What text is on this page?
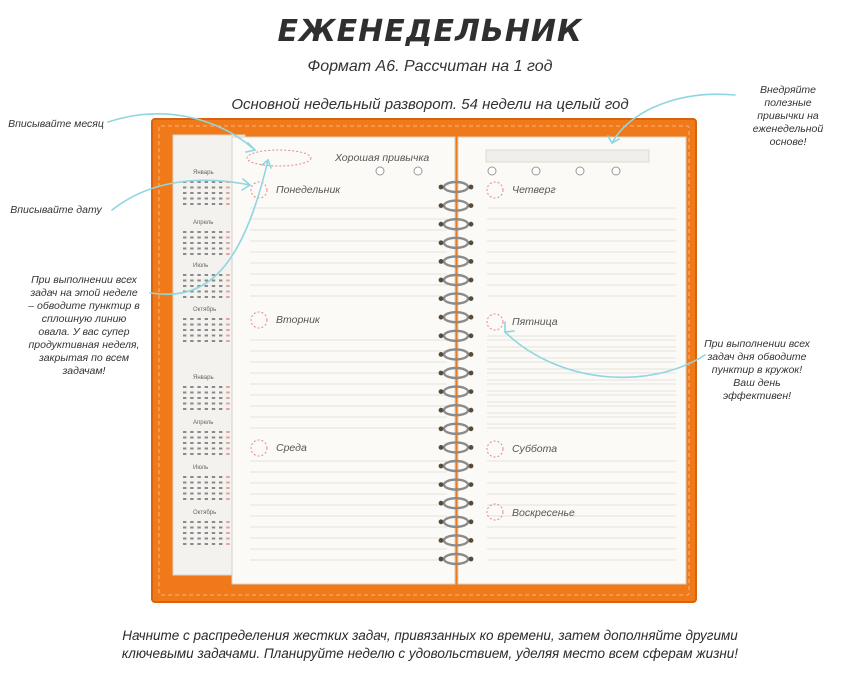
ЕЖЕНЕДЕЛЬНИК
Формат А6. Рассчитан на 1 год
Основной недельный разворот. 54 недели на целый год
Хорошая привычка
Понедельник
Вторник
Среда
Четверг
Пятница
Суббота
Воскресенье
Январь
Апрель
Июль
Октябрь
Январь
Апрель
Июль
Октябрь
Вписывайте месяц
Вписывайте дату
При выполнении всех задач на этой неделе – обводите пунктир в сплошную линию овала. У вас супер продуктивная неделя, закрытая по всем задачам!
Внедряйте полезные привычки на еженедельной основе!
При выполнении всех задач дня обводите пунктир в кружок! Ваш день эффективен!
Начните с распределения жестких задач, привязанных ко времени, затем дополняйте другими ключевыми задачами. Планируйте неделю с удовольствием, уделяя место всем сферам жизни!
